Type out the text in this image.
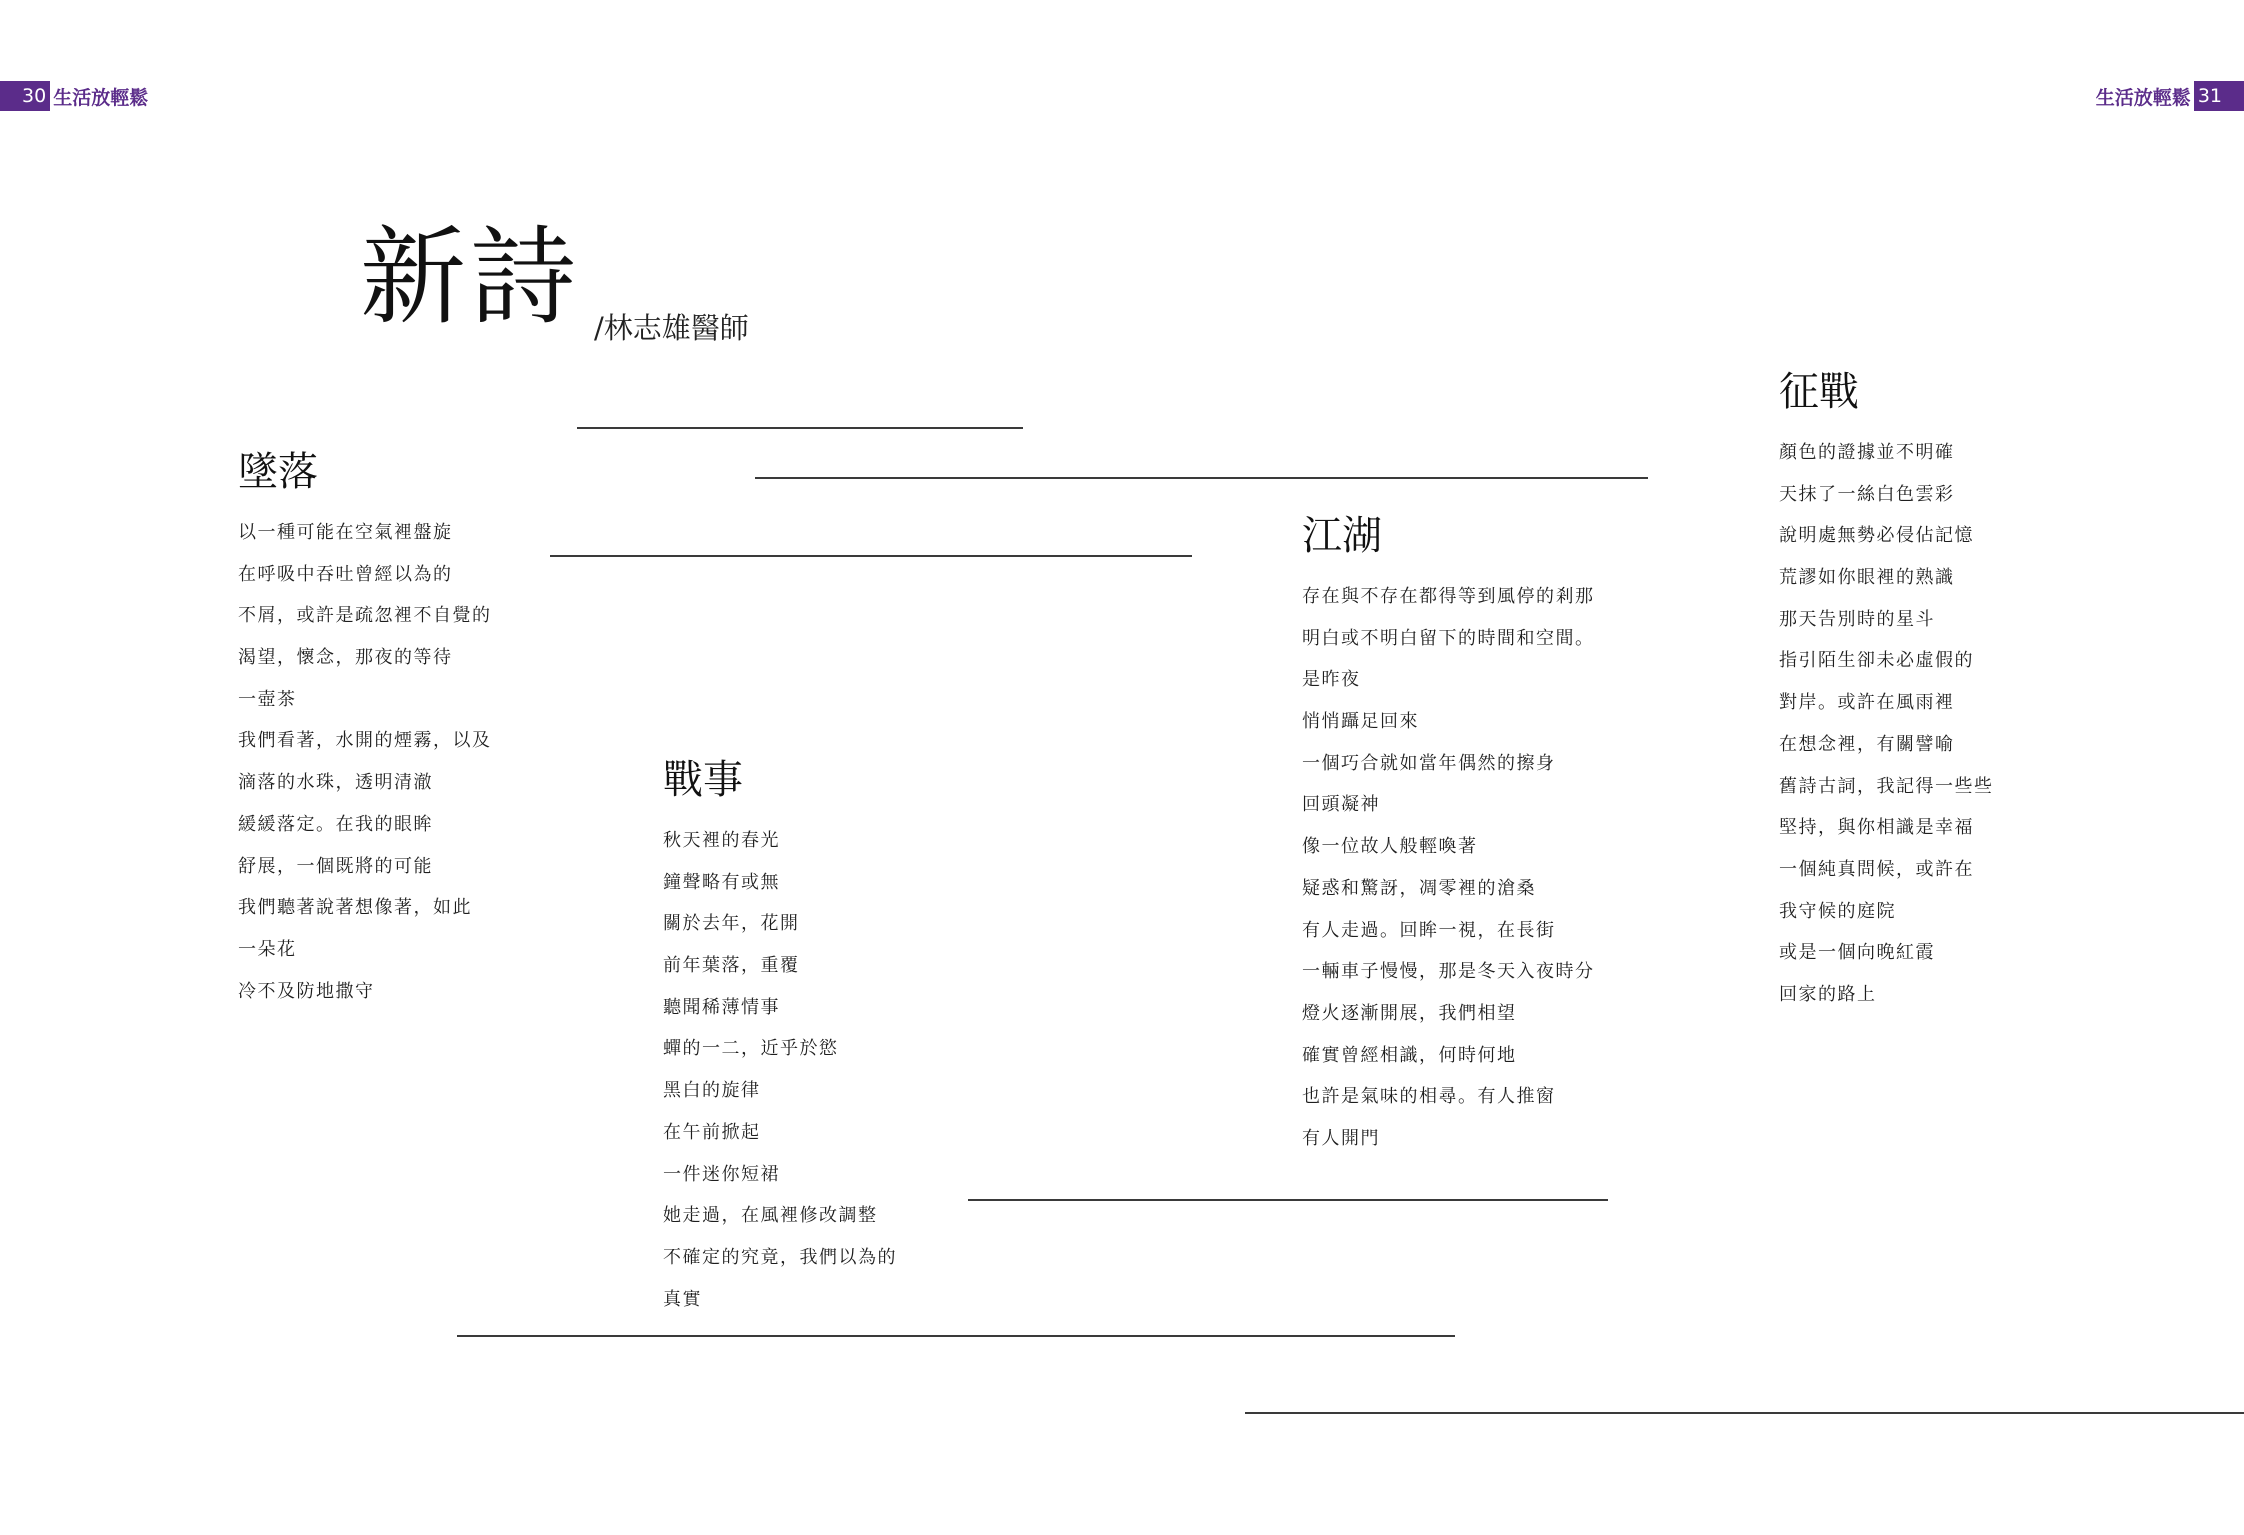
30 生活放輕鬆	生活放輕鬆 31
新詩 /林志雄醫師
墜落
以一種可能在空氣裡盤旋
在呼吸中吞吐曾經以為的
不屑，或許是疏忽裡不自覺的
渴望，懷念，那夜的等待
一壺茶
我們看著，水開的煙霧，以及
滴落的水珠，透明清澈
緩緩落定。在我的眼眸
舒展，一個既將的可能
我們聽著說著想像著，如此
一朵花
冷不及防地撒守
戰事
秋天裡的春光
鐘聲略有或無
關於去年，花開
前年葉落，重覆
聽聞稀薄情事
蟬的一二，近乎於慾
黑白的旋律
在午前掀起
一件迷你短裙
她走過，在風裡修改調整
不確定的究竟，我們以為的
真實
江湖
存在與不存在都得等到風停的剎那
明白或不明白留下的時間和空間。
是昨夜
悄悄躡足回來
一個巧合就如當年偶然的擦身
回頭凝神
像一位故人般輕喚著
疑惑和驚訝，凋零裡的滄桑
有人走過。回眸一視，在長街
一輛車子慢慢，那是冬天入夜時分
燈火逐漸開展，我們相望
確實曾經相識，何時何地
也許是氣味的相尋。有人推窗
有人開門
征戰
顏色的證據並不明確
天抹了一絲白色雲彩
說明處無勢必侵佔記憶
荒謬如你眼裡的熟識
那天告別時的星斗
指引陌生卻未必虛假的
對岸。或許在風雨裡
在想念裡，有關譬喻
舊詩古詞，我記得一些些
堅持，與你相識是幸福
一個純真問候，或許在
我守候的庭院
或是一個向晚紅霞
回家的路上
